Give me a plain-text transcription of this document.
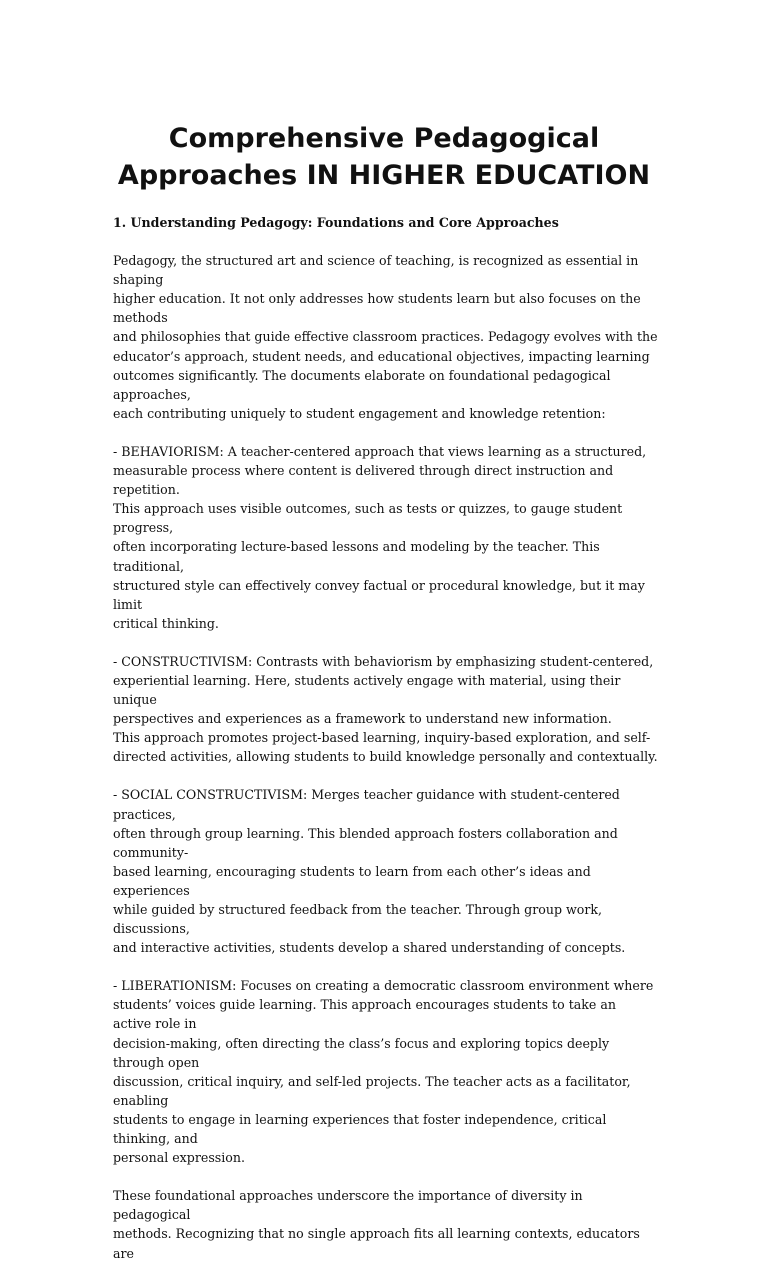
Comprehensive Pedagogical
Approaches IN HIGHER EDUCATION
1. Understanding Pedagogy: Foundations and Core Approaches

Pedagogy, the structured art and science of teaching, is recognized as essential in shaping
higher education. It not only addresses how students learn but also focuses on the methods
and philosophies that guide effective classroom practices. Pedagogy evolves with the
educator’s approach, student needs, and educational objectives, impacting learning
outcomes significantly. The documents elaborate on foundational pedagogical approaches,
each contributing uniquely to student engagement and knowledge retention:

- BEHAVIORISM: A teacher-centered approach that views learning as a structured,
measurable process where content is delivered through direct instruction and repetition.
This approach uses visible outcomes, such as tests or quizzes, to gauge student progress,
often incorporating lecture-based lessons and modeling by the teacher. This traditional,
structured style can effectively convey factual or procedural knowledge, but it may limit
critical thinking.

- CONSTRUCTIVISM: Contrasts with behaviorism by emphasizing student-centered,
experiential learning. Here, students actively engage with material, using their unique
perspectives and experiences as a framework to understand new information.
This approach promotes project-based learning, inquiry-based exploration, and self-
directed activities, allowing students to build knowledge personally and contextually.

- SOCIAL CONSTRUCTIVISM: Merges teacher guidance with student-centered practices,
often through group learning. This blended approach fosters collaboration and community-
based learning, encouraging students to learn from each other’s ideas and experiences
while guided by structured feedback from the teacher. Through group work, discussions,
and interactive activities, students develop a shared understanding of concepts.

- LIBERATIONISM: Focuses on creating a democratic classroom environment where
students’ voices guide learning. This approach encourages students to take an active role in
decision-making, often directing the class’s focus and exploring topics deeply through open
discussion, critical inquiry, and self-led projects. The teacher acts as a facilitator, enabling
students to engage in learning experiences that foster independence, critical thinking, and
personal expression.

These foundational approaches underscore the importance of diversity in pedagogical
methods. Recognizing that no single approach fits all learning contexts, educators are
